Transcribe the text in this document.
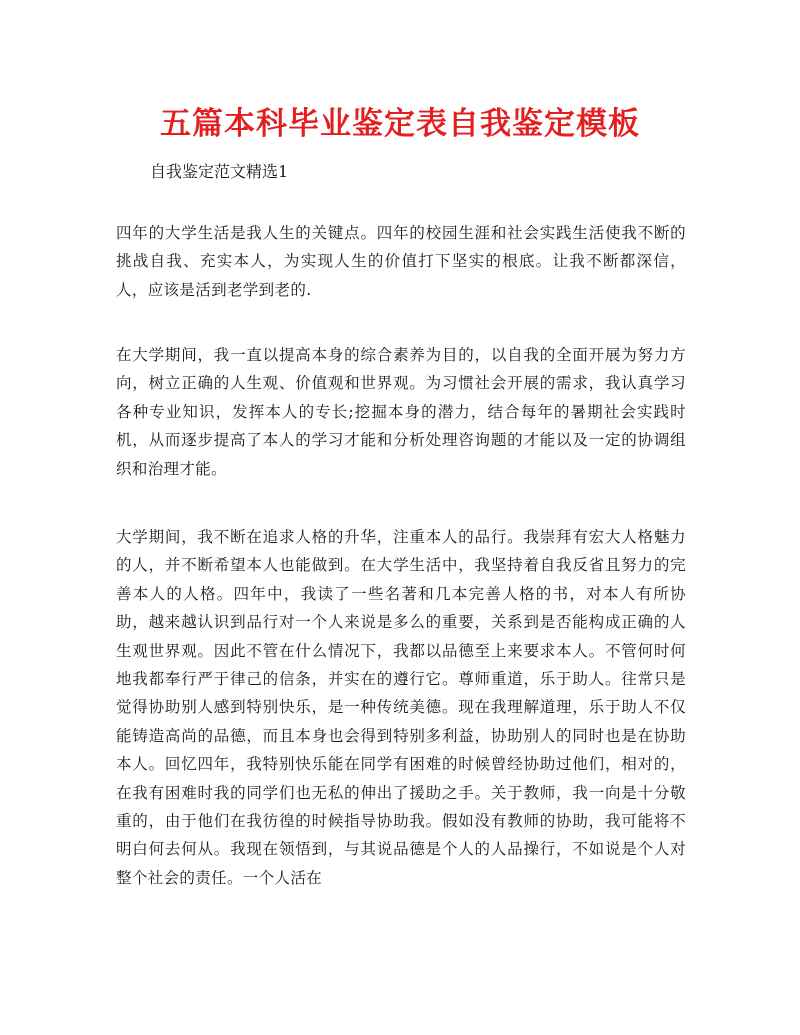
五篇本科毕业鉴定表自我鉴定模板

自我鉴定范文精选1

四年的大学生活是我人生的关键点。四年的校园生涯和社会实践生活使我不断的挑战自我、充实本人，为实现人生的价值打下坚实的根底。让我不断都深信，人，应该是活到老学到老的.

在大学期间，我一直以提高本身的综合素养为目的，以自我的全面开展为努力方向，树立正确的人生观、价值观和世界观。为习惯社会开展的需求，我认真学习各种专业知识，发挥本人的专长;挖掘本身的潜力，结合每年的暑期社会实践时机，从而逐步提高了本人的学习才能和分析处理咨询题的才能以及一定的协调组织和治理才能。

大学期间，我不断在追求人格的升华，注重本人的品行。我崇拜有宏大人格魅力的人，并不断希望本人也能做到。在大学生活中，我坚持着自我反省且努力的完善本人的人格。四年中，我读了一些名著和几本完善人格的书，对本人有所协助，越来越认识到品行对一个人来说是多么的重要，关系到是否能构成正确的人生观世界观。因此不管在什么情况下，我都以品德至上来要求本人。不管何时何地我都奉行严于律己的信条，并实在的遵行它。尊师重道，乐于助人。往常只是觉得协助别人感到特别快乐，是一种传统美德。现在我理解道理，乐于助人不仅能铸造高尚的品德，而且本身也会得到特别多利益，协助别人的同时也是在协助本人。回忆四年，我特别快乐能在同学有困难的时候曾经协助过他们，相对的，在我有困难时我的同学们也无私的伸出了援助之手。关于教师，我一向是十分敬重的，由于他们在我彷徨的时候指导协助我。假如没有教师的协助，我可能将不明白何去何从。我现在领悟到，与其说品德是个人的人品操行，不如说是个人对整个社会的责任。一个人活在
